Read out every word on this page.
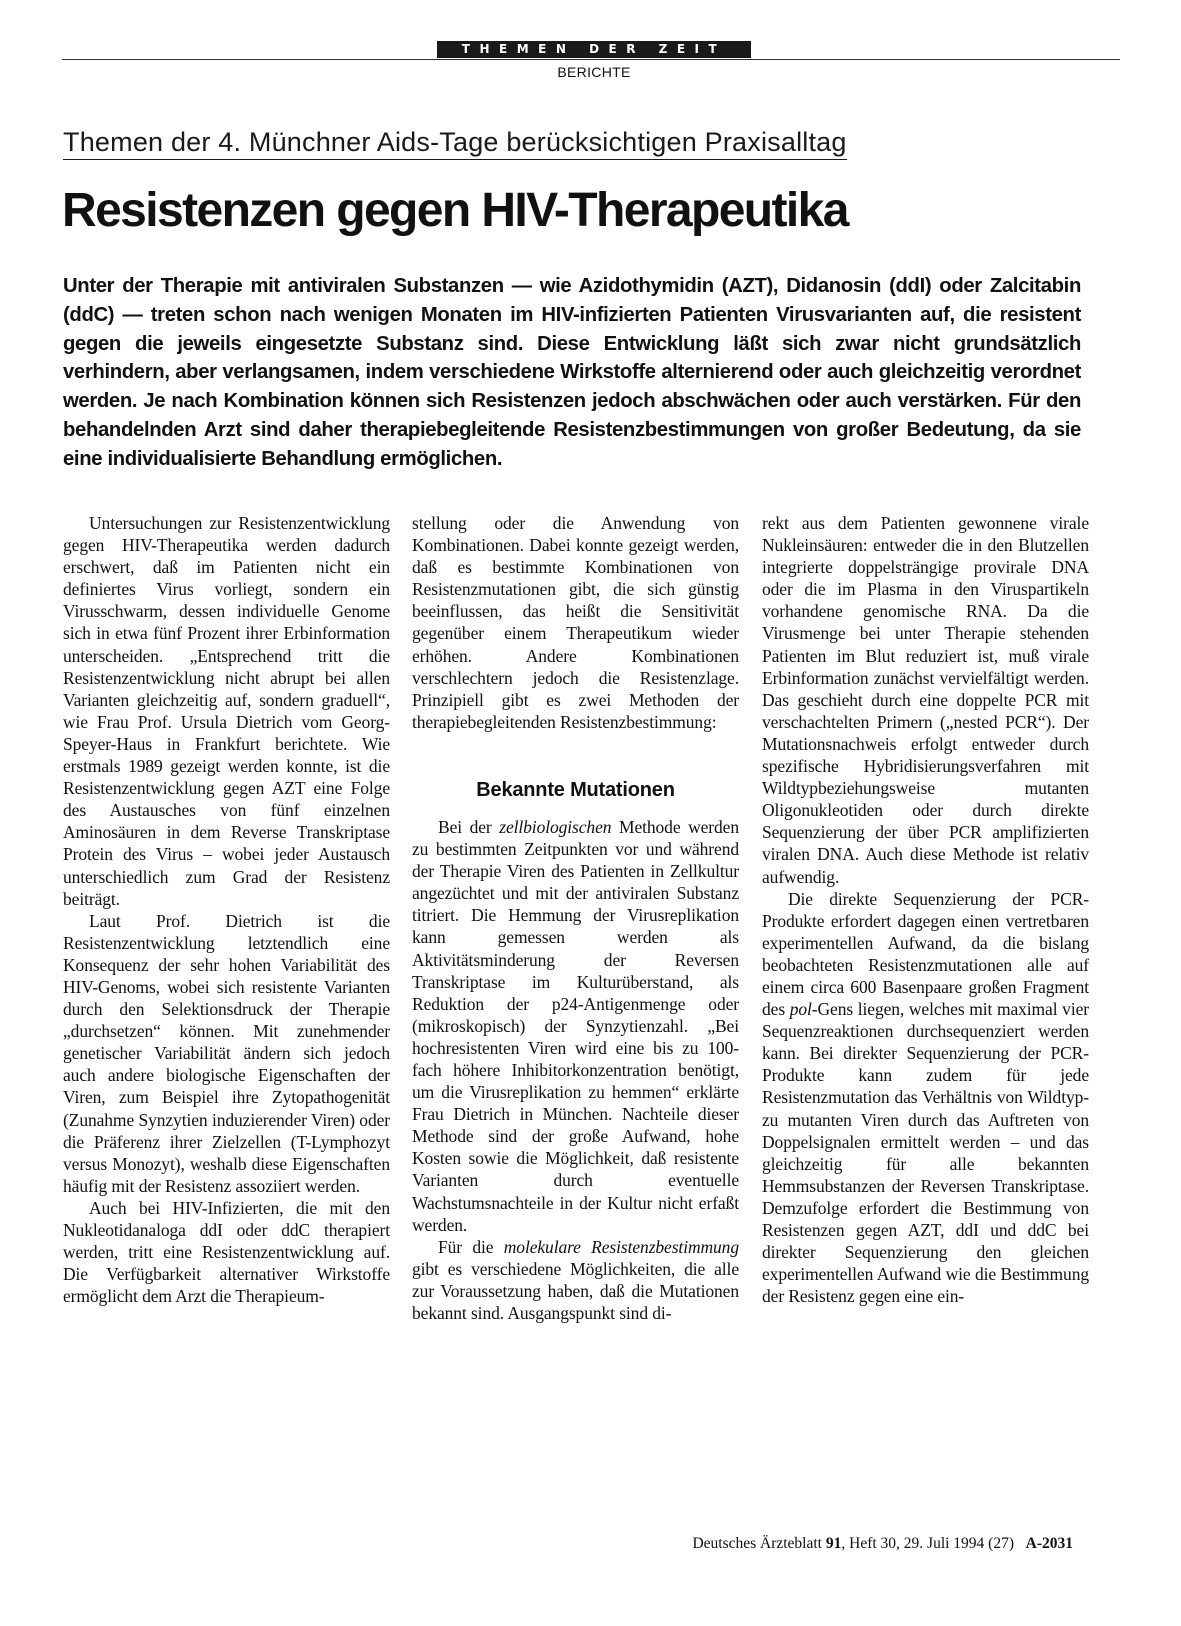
THEMEN DER ZEIT
BERICHTE
Themen der 4. Münchner Aids-Tage berücksichtigen Praxisalltag
Resistenzen gegen HIV-Therapeutika

Unter der Therapie mit antiviralen Substanzen — wie Azidothymidin (AZT), Didanosin (ddI) oder Zalcitabin (ddC) — treten schon nach wenigen Monaten im HIV-infizierten Patienten Virusvarianten auf, die resistent gegen die jeweils eingesetzte Substanz sind. Diese Entwicklung läßt sich zwar nicht grundsätzlich verhindern, aber verlangsamen, indem verschiedene Wirkstoffe alternierend oder auch gleichzeitig verordnet werden. Je nach Kombination können sich Resistenzen jedoch abschwächen oder auch verstärken. Für den behandelnden Arzt sind daher therapiebegleitende Resistenzbestimmungen von großer Bedeutung, da sie eine individualisierte Behandlung ermöglichen.

Untersuchungen zur Resistenzentwicklung gegen HIV-Therapeutika werden dadurch erschwert, daß im Patienten nicht ein definiertes Virus vorliegt, sondern ein Virusschwarm, dessen individuelle Genome sich in etwa fünf Prozent ihrer Erbinformation unterscheiden. „Entsprechend tritt die Resistenzentwicklung nicht abrupt bei allen Varianten gleichzeitig auf, sondern graduell“, wie Frau Prof. Ursula Dietrich vom Georg-Speyer-Haus in Frankfurt berichtete. Wie erstmals 1989 gezeigt werden konnte, ist die Resistenzentwicklung gegen AZT eine Folge des Austausches von fünf einzelnen Aminosäuren in dem Reverse Transkriptase Protein des Virus – wobei jeder Austausch unterschiedlich zum Grad der Resistenz beiträgt.

Laut Prof. Dietrich ist die Resistenzentwicklung letztendlich eine Konsequenz der sehr hohen Variabilität des HIV-Genoms, wobei sich resistente Varianten durch den Selektionsdruck der Therapie „durchsetzen“ können. Mit zunehmender genetischer Variabilität ändern sich jedoch auch andere biologische Eigenschaften der Viren, zum Beispiel ihre Zytopathogenität (Zunahme Synzytien induzierender Viren) oder die Präferenz ihrer Zielzellen (T-Lymphozyt versus Monozyt), weshalb diese Eigenschaften häufig mit der Resistenz assoziiert werden.

Auch bei HIV-Infizierten, die mit den Nukleotidanaloga ddI oder ddC therapiert werden, tritt eine Resistenzentwicklung auf. Die Verfügbarkeit alternativer Wirkstoffe ermöglicht dem Arzt die Therapieum-

stellung oder die Anwendung von Kombinationen. Dabei konnte gezeigt werden, daß es bestimmte Kombinationen von Resistenzmutationen gibt, die sich günstig beeinflussen, das heißt die Sensitivität gegenüber einem Therapeutikum wieder erhöhen. Andere Kombinationen verschlechtern jedoch die Resistenzlage. Prinzipiell gibt es zwei Methoden der therapiebegleitenden Resistenzbestimmung:

Bekannte Mutationen

Bei der zellbiologischen Methode werden zu bestimmten Zeitpunkten vor und während der Therapie Viren des Patienten in Zellkultur angezüchtet und mit der antiviralen Substanz titriert. Die Hemmung der Virusreplikation kann gemessen werden als Aktivitätsminderung der Reversen Transkriptase im Kulturüberstand, als Reduktion der p24-Antigenmenge oder (mikroskopisch) der Synzytienzahl. „Bei hochresistenten Viren wird eine bis zu 100-fach höhere Inhibitorkonzentration benötigt, um die Virusreplikation zu hemmen“ erklärte Frau Dietrich in München. Nachteile dieser Methode sind der große Aufwand, hohe Kosten sowie die Möglichkeit, daß resistente Varianten durch eventuelle Wachstumsnachteile in der Kultur nicht erfaßt werden.

Für die molekulare Resistenzbestimmung gibt es verschiedene Möglichkeiten, die alle zur Voraussetzung haben, daß die Mutationen bekannt sind. Ausgangspunkt sind di-

rekt aus dem Patienten gewonnene virale Nukleinsäuren: entweder die in den Blutzellen integrierte doppelsträngige provirale DNA oder die im Plasma in den Viruspartikeln vorhandene genomische RNA. Da die Virusmenge bei unter Therapie stehenden Patienten im Blut reduziert ist, muß virale Erbinformation zunächst vervielfältigt werden. Das geschieht durch eine doppelte PCR mit verschachtelten Primern („nested PCR“). Der Mutationsnachweis erfolgt entweder durch spezifische Hybridisierungsverfahren mit Wildtypbeziehungsweise mutanten Oligonukleotiden oder durch direkte Sequenzierung der über PCR amplifizierten viralen DNA. Auch diese Methode ist relativ aufwendig.

Die direkte Sequenzierung der PCR-Produkte erfordert dagegen einen vertretbaren experimentellen Aufwand, da die bislang beobachteten Resistenzmutationen alle auf einem circa 600 Basenpaare großen Fragment des pol-Gens liegen, welches mit maximal vier Sequenzreaktionen durchsequenziert werden kann. Bei direkter Sequenzierung der PCR-Produkte kann zudem für jede Resistenzmutation das Verhältnis von Wildtyp- zu mutanten Viren durch das Auftreten von Doppelsignalen ermittelt werden – und das gleichzeitig für alle bekannten Hemmsubstanzen der Reversen Transkriptase. Demzufolge erfordert die Bestimmung von Resistenzen gegen AZT, ddI und ddC bei direkter Sequenzierung den gleichen experimentellen Aufwand wie die Bestimmung der Resistenz gegen eine ein-

Deutsches Ärzteblatt 91, Heft 30, 29. Juli 1994 (27) A-2031
